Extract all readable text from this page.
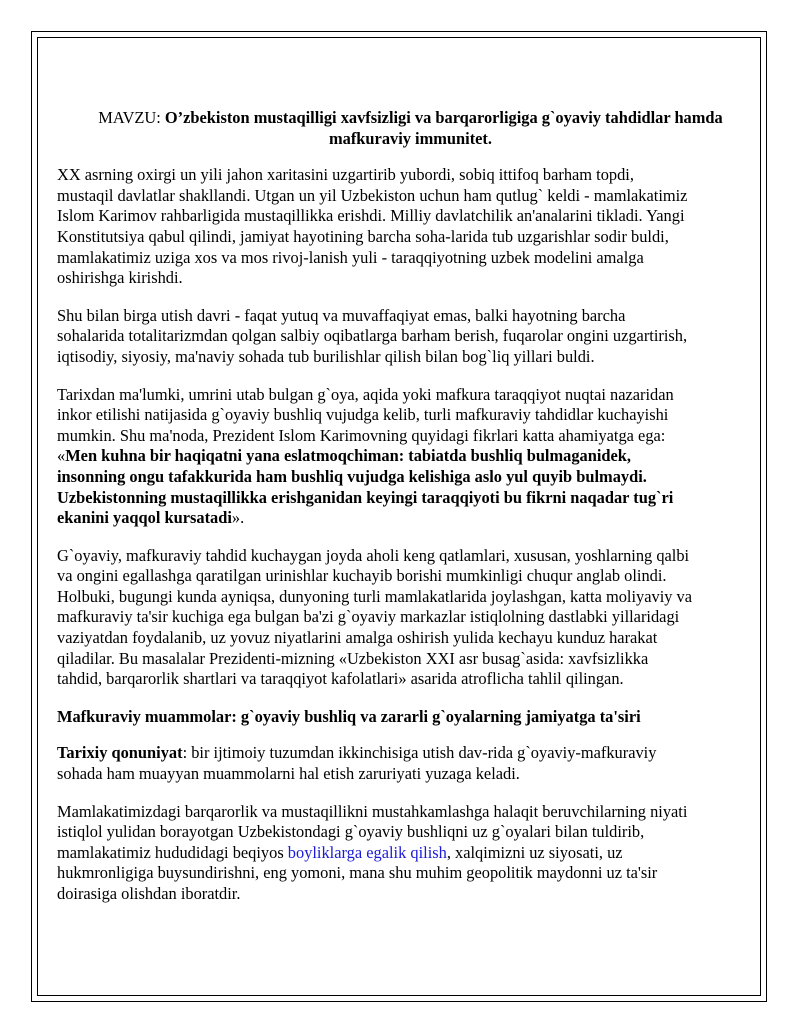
MAVZU: O’zbekiston mustaqilligi xavfsizligi va barqarorligiga g`oyaviy tahdidlar hamda
mafkuraviy immunitet.

XX asrning oxirgi un yili jahon xaritasini uzgartirib yubordi, sobiq ittifoq barham topdi,
mustaqil davlatlar shakllandi. Utgan un yil Uzbekiston uchun ham qutlug` keldi - mamlakatimiz
Islom Karimov rahbarligida mustaqillikka erishdi. Milliy davlatchilik an'analarini tikladi. Yangi
Konstitutsiya qabul qilindi, jamiyat hayotining barcha soha-larida tub uzgarishlar sodir buldi,
mamlakatimiz uziga xos va mos rivoj-lanish yuli - taraqqiyotning uzbek modelini amalga
oshirishga kirishdi.

Shu bilan birga utish davri - faqat yutuq va muvaffaqiyat emas, balki hayotning barcha
sohalarida totalitarizmdan qolgan salbiy oqibatlarga barham berish, fuqarolar ongini uzgartirish,
iqtisodiy, siyosiy, ma'naviy sohada tub burilishlar qilish bilan bog`liq yillari buldi.

Tarixdan ma'lumki, umrini utab bulgan g`oya, aqida yoki mafkura taraqqiyot nuqtai nazaridan
inkor etilishi natijasida g`oyaviy bushliq vujudga kelib, turli mafkuraviy tahdidlar kuchayishi
mumkin. Shu ma'noda, Prezident Islom Karimovning quyidagi fikrlari katta ahamiyatga ega:
«Men kuhna bir haqiqatni yana eslatmoqchiman: tabiatda bushliq bulmaganidek,
insonning ongu tafakkurida ham bushliq vujudga kelishiga aslo yul quyib bulmaydi.
Uzbekistonning mustaqillikka erishganidan keyingi taraqqiyoti bu fikrni naqadar tug`ri
ekanini yaqqol kursatadi».

G`oyaviy, mafkuraviy tahdid kuchaygan joyda aholi keng qatlamlari, xususan, yoshlarning qalbi
va ongini egallashga qaratilgan urinishlar kuchayib borishi mumkinligi chuqur anglab olindi.
Holbuki, bugungi kunda ayniqsa, dunyoning turli mamlakatlarida joylashgan, katta moliyaviy va
mafkuraviy ta'sir kuchiga ega bulgan ba'zi g`oyaviy markazlar istiqlolning dastlabki yillaridagi
vaziyatdan foydalanib, uz yovuz niyatlarini amalga oshirish yulida kechayu kunduz harakat
qiladilar. Bu masalalar Prezidenti-mizning «Uzbekiston XXI asr busag`asida: xavfsizlikka
tahdid, barqarorlik shartlari va taraqqiyot kafolatlari» asarida atroflicha tahlil qilingan.

Mafkuraviy muammolar: g`oyaviy bushliq va zararli g`oyalarning jamiyatga ta'siri

Tarixiy qonuniyat: bir ijtimoiy tuzumdan ikkinchisiga utish dav-rida g`oyaviy-mafkuraviy
sohada ham muayyan muammolarni hal etish zaruriyati yuzaga keladi.

Mamlakatimizdagi barqarorlik va mustaqillikni mustahkamlashga halaqit beruvchilarning niyati
istiqlol yulidan borayotgan Uzbekistondagi g`oyaviy bushliqni uz g`oyalari bilan tuldirib,
mamlakatimiz hududidagi beqiyos boyliklarga egalik qilish, xalqimizni uz siyosati, uz
hukmronligiga buysundirishni, eng yomoni, mana shu muhim geopolitik maydonni uz ta'sir
doirasiga olishdan iboratdir.
